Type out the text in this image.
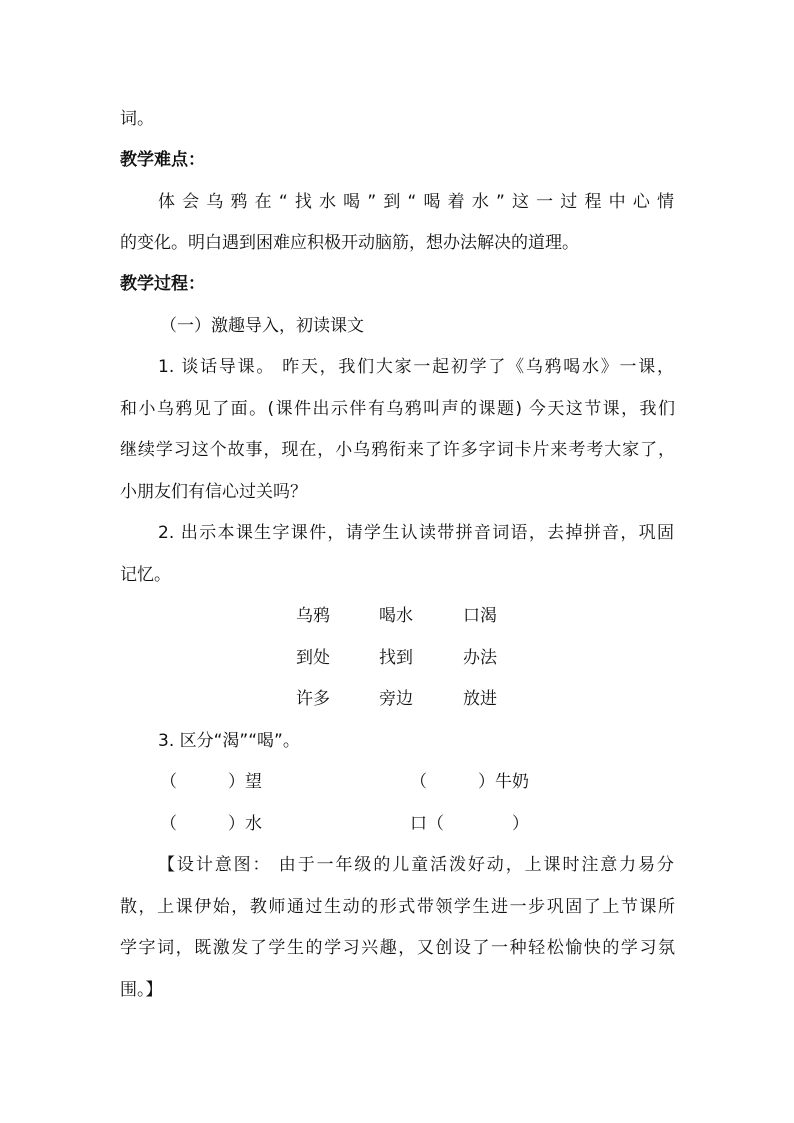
词。
教学难点：
体会乌鸦在“找水喝”到“喝着水”这一过程中心情
的变化。明白遇到困难应积极开动脑筋，想办法解决的道理。
教学过程：
（一）激趣导入，初读课文
1. 谈话导课。 昨天，我们大家一起初学了《乌鸦喝水》一课，
和小乌鸦见了面。(课件出示伴有乌鸦叫声的课题) 今天这节课，我们
继续学习这个故事，现在，小乌鸦衔来了许多字词卡片来考考大家了，
小朋友们有信心过关吗？
2. 出示本课生字课件，请学生认读带拼音词语，去掉拼音，巩固
记忆。
乌鸦	喝水	口渴
到处	找到	办法
许多	旁边	放进
3. 区分“渴”“喝”。
（　　　）望	（　　　）牛奶
（　　　）水	口（　　　　）
【设计意图： 由于一年级的儿童活泼好动，上课时注意力易分
散，上课伊始，教师通过生动的形式带领学生进一步巩固了上节课所
学字词，既激发了学生的学习兴趣，又创设了一种轻松愉快的学习氛
围。】
